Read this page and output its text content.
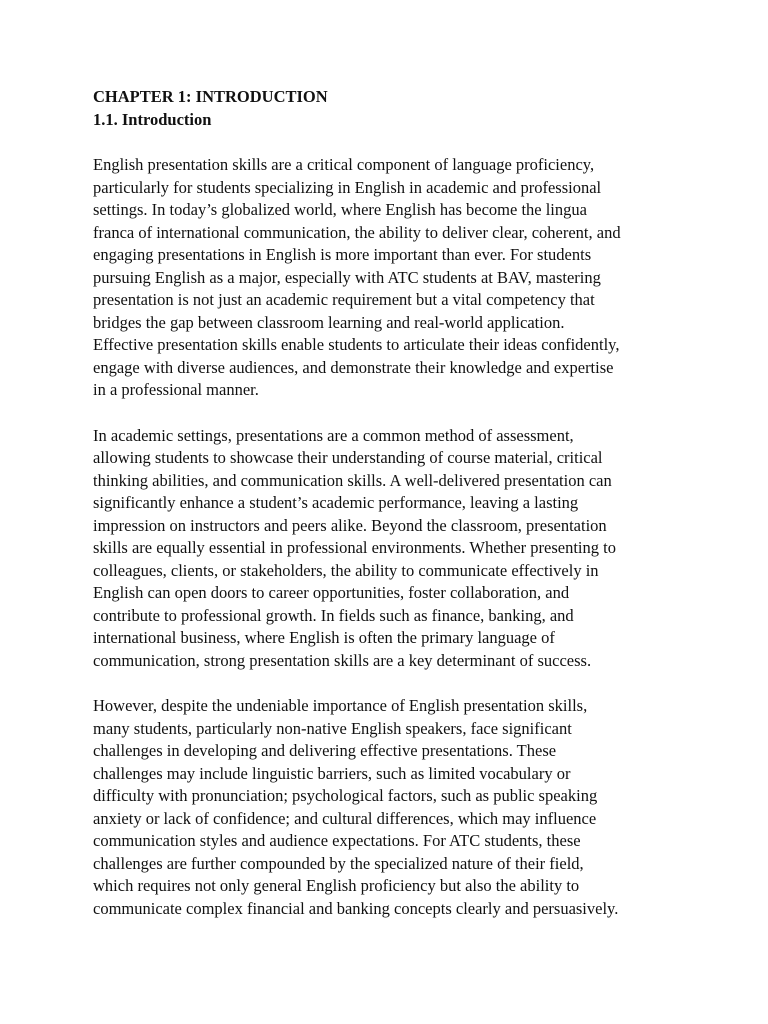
CHAPTER 1: INTRODUCTION
1.1. Introduction

English presentation skills are a critical component of language proficiency,
particularly for students specializing in English in academic and professional
settings. In today’s globalized world, where English has become the lingua
franca of international communication, the ability to deliver clear, coherent, and
engaging presentations in English is more important than ever. For students
pursuing English as a major, especially with ATC students at BAV, mastering
presentation is not just an academic requirement but a vital competency that
bridges the gap between classroom learning and real-world application.
Effective presentation skills enable students to articulate their ideas confidently,
engage with diverse audiences, and demonstrate their knowledge and expertise
in a professional manner.

In academic settings, presentations are a common method of assessment,
allowing students to showcase their understanding of course material, critical
thinking abilities, and communication skills. A well-delivered presentation can
significantly enhance a student’s academic performance, leaving a lasting
impression on instructors and peers alike. Beyond the classroom, presentation
skills are equally essential in professional environments. Whether presenting to
colleagues, clients, or stakeholders, the ability to communicate effectively in
English can open doors to career opportunities, foster collaboration, and
contribute to professional growth. In fields such as finance, banking, and
international business, where English is often the primary language of
communication, strong presentation skills are a key determinant of success.

However, despite the undeniable importance of English presentation skills,
many students, particularly non-native English speakers, face significant
challenges in developing and delivering effective presentations. These
challenges may include linguistic barriers, such as limited vocabulary or
difficulty with pronunciation; psychological factors, such as public speaking
anxiety or lack of confidence; and cultural differences, which may influence
communication styles and audience expectations. For ATC students, these
challenges are further compounded by the specialized nature of their field,
which requires not only general English proficiency but also the ability to
communicate complex financial and banking concepts clearly and persuasively.
